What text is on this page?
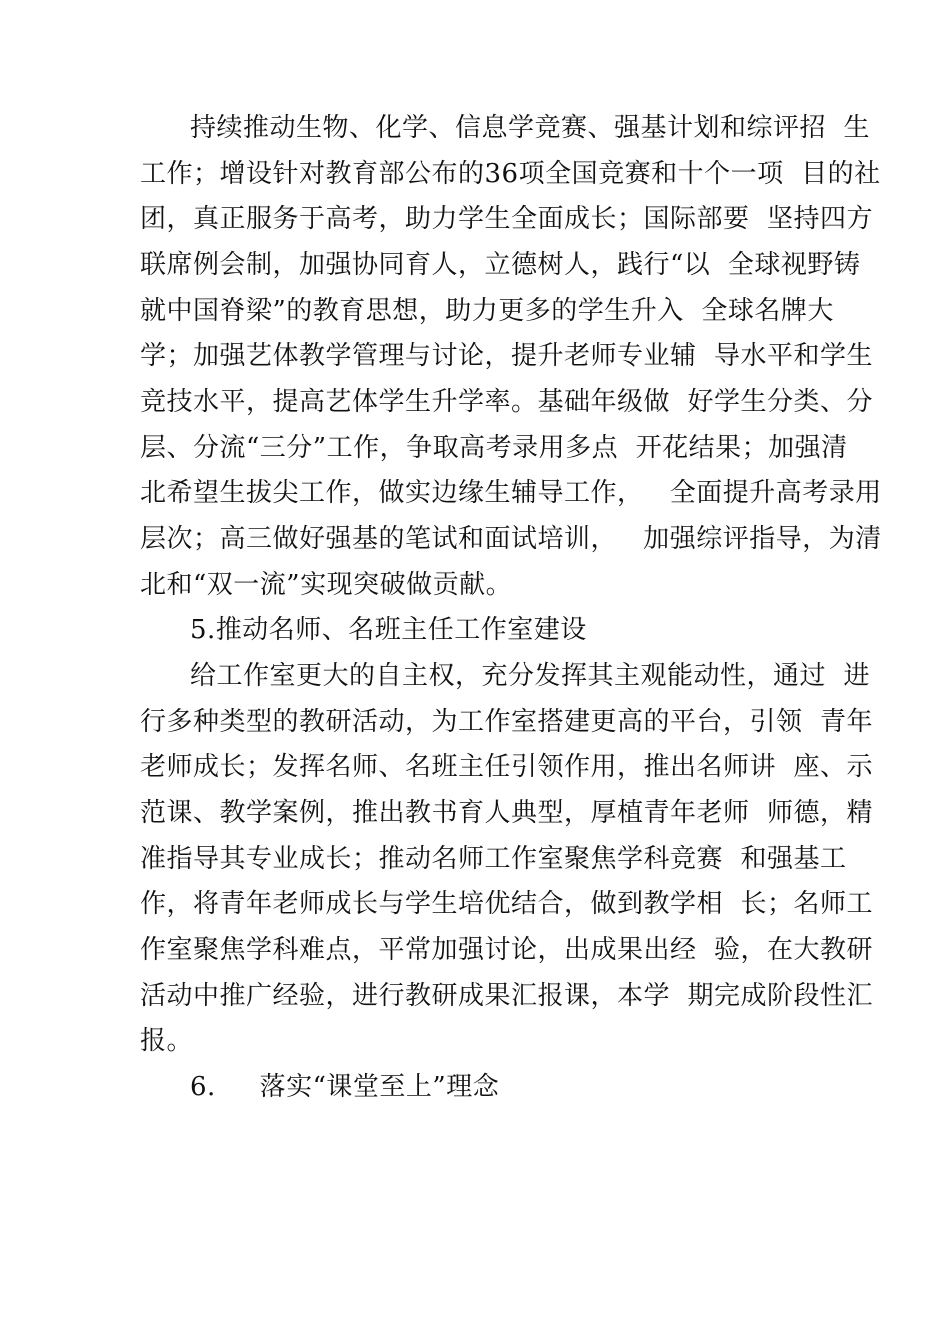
持续推动生物、化学、信息学竞赛、强基计划和综评招  生
工作；增设针对教育部公布的36项全国竞赛和十个一项  目的社
团，真正服务于高考，助力学生全面成长；国际部要  坚持四方
联席例会制，加强协同育人，立德树人，践行“以  全球视野铸
就中国脊梁”的教育思想，助力更多的学生升入  全球名牌大
学；加强艺体教学管理与讨论，提升老师专业辅  导水平和学生
竞技水平，提高艺体学生升学率。基础年级做  好学生分类、分
层、分流“三分”工作，争取高考录用多点  开花结果；加强清
北希望生拔尖工作，做实边缘生辅导工作，   全面提升高考录用
层次；高三做好强基的笔试和面试培训，   加强综评指导，为清
北和“双一流”实现突破做贡献。
5.推动名师、名班主任工作室建设
给工作室更大的自主权，充分发挥其主观能动性，通过  进
行多种类型的教研活动，为工作室搭建更高的平台，引领  青年
老师成长；发挥名师、名班主任引领作用，推出名师讲  座、示
范课、教学案例，推出教书育人典型，厚植青年老师  师德，精
准指导其专业成长；推动名师工作室聚焦学科竞赛  和强基工
作，将青年老师成长与学生培优结合，做到教学相  长；名师工
作室聚焦学科难点，平常加强讨论，出成果出经  验，在大教研
活动中推广经验，进行教研成果汇报课，本学  期完成阶段性汇
报。
6.     落实“课堂至上”理念
